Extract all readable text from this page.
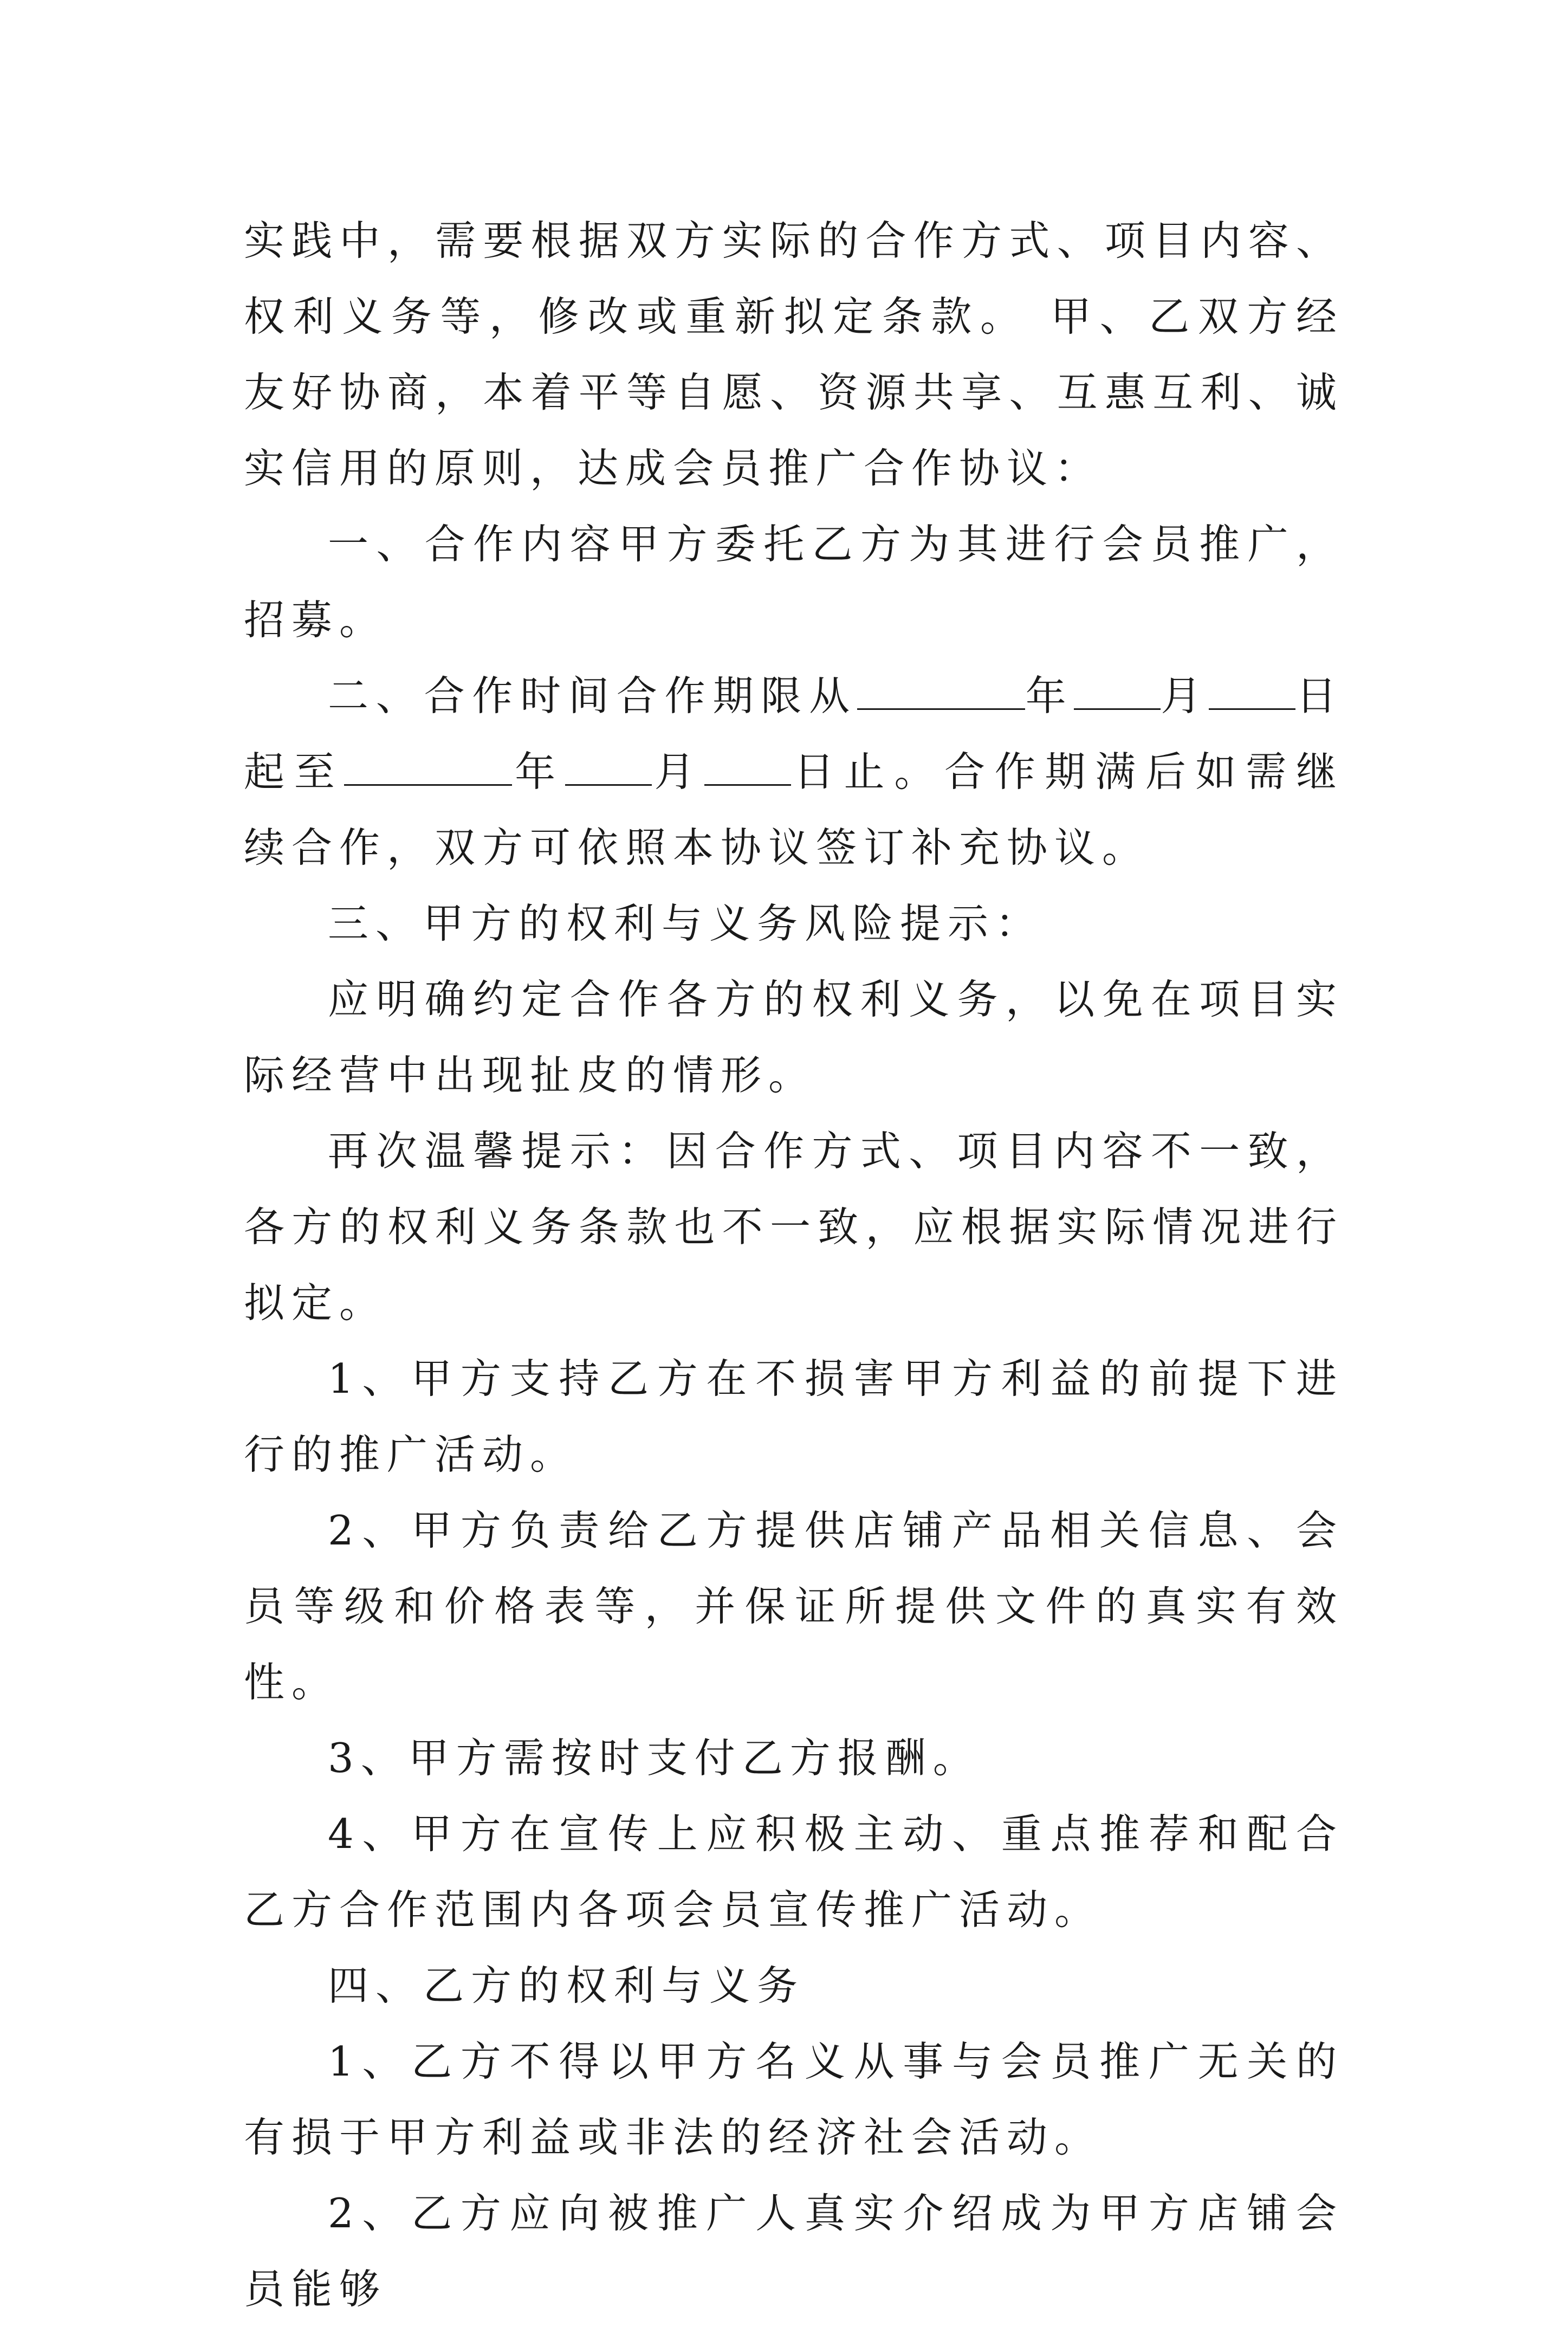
实践中，需要根据双方实际的合作方式、项目内容、权利义务等，修改或重新拟定条款。 甲、乙双方经友好协商，本着平等自愿、资源共享、互惠互利、诚实信用的原则，达成会员推广合作协议：

一、合作内容甲方委托乙方为其进行会员推广，招募。

二、合作时间合作期限从	年 月 日起至	年 月 日止。合作期满后如需继续合作，双方可依照本协议签订补充协议。

三、甲方的权利与义务风险提示：

应明确约定合作各方的权利义务，以免在项目实际经营中出现扯皮的情形。

再次温馨提示：因合作方式、项目内容不一致，各方的权利义务条款也不一致，应根据实际情况进行拟定。

1、甲方支持乙方在不损害甲方利益的前提下进行的推广活动。

2、甲方负责给乙方提供店铺产品相关信息、会员等级和价格表等，并保证所提供文件的真实有效性。

3、甲方需按时支付乙方报酬。

4、甲方在宣传上应积极主动、重点推荐和配合乙方合作范围内各项会员宣传推广活动。

四、乙方的权利与义务

1、乙方不得以甲方名义从事与会员推广无关的有损于甲方利益或非法的经济社会活动。

2、乙方应向被推广人真实介绍成为甲方店铺会员能够
